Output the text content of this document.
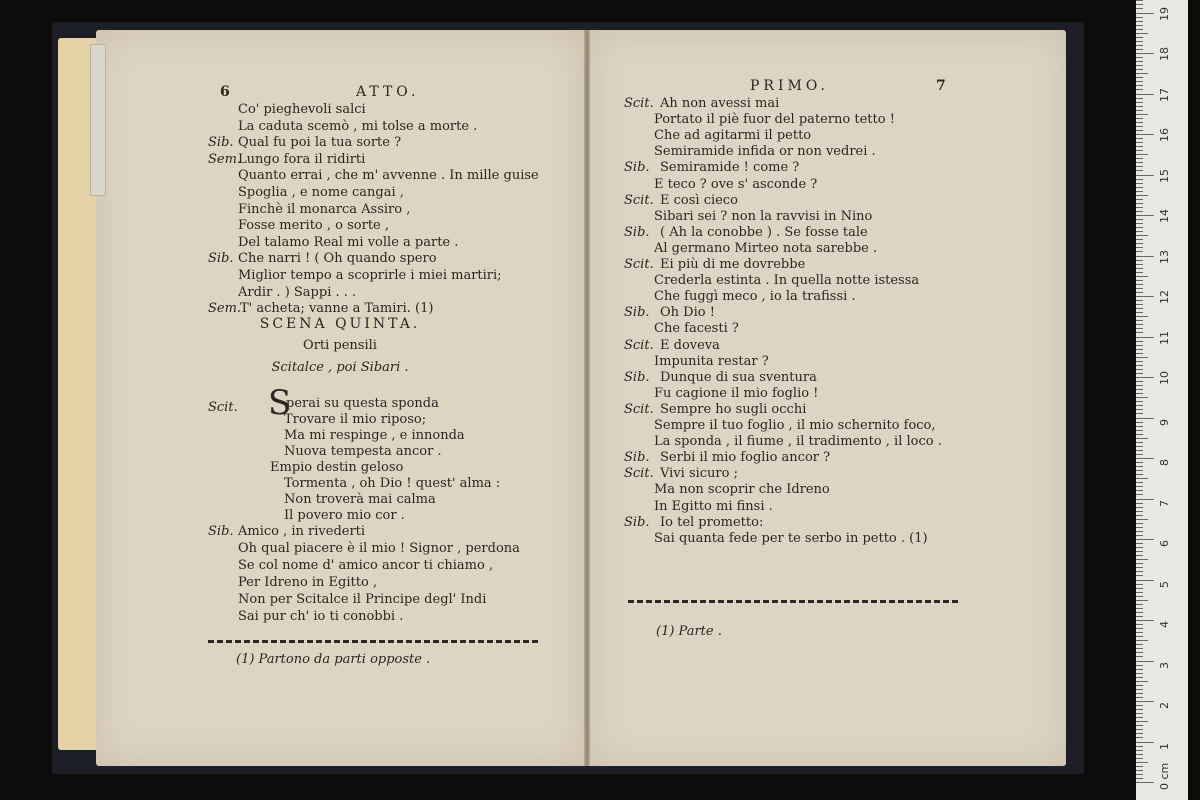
6	ATTO.
SCENA QUINTA.
Orti pensili
Scitalce , poi Sibari .
Scit. S
Sib.
(1) Partono da parti opposte .
Co' pieghevoli salci
La caduta scemò , mi tolse a morte .
Qual fu poi la tua sorte ?
Sib.
Lungo fora il ridirti
Sem.
Quanto errai , che m' avvenne . In mille guise
Spoglia , e nome cangai ,
Finchè il monarca Assiro ,
Fosse merito , o sorte ,
Del talamo Real mi volle a parte .
Che narri ! ( Oh quando spero
Sib.
Miglior tempo a scoprirle i miei martiri;
Ardir . ) Sappi . . .
T' acheta; vanne a Tamiri. (1)
Sem.
perai su questa sponda
Trovare il mio riposo;
Ma mi respinge , e innonda
Nuova tempesta ancor .
Empio destin geloso
Tormenta , oh Dio ! quest' alma :
Non troverà mai calma
Il povero mio cor .
Amico , in rivederti
Oh qual piacere è il mio ! Signor , perdona
Se col nome d' amico ancor ti chiamo ,
Per Idreno in Egitto ,
Non per Scitalce il Principe degl' Indi
Sai pur ch' io ti conobbi .
PRIMO.	7
(1) Parte .
Scit. Ah non avessi mai
Portato il piè fuor del paterno tetto !
Che ad agitarmi il petto
Semiramide infida or non vedrei .
Sib. Semiramide ! come ?
E teco ? ove s' asconde ?
Scit. E così cieco
Sibari sei ? non la ravvisi in Nino
Sib. ( Ah la conobbe ) . Se fosse tale
Al germano Mirteo nota sarebbe .
Scit. Ei più di me dovrebbe
Crederla estinta . In quella notte istessa
Che fuggì meco , io la trafissi .
Sib. Oh Dio !
Che facesti ?
Scit. E doveva
Impunita restar ?
Sib. Dunque di sua sventura
Fu cagione il mio foglio !
Scit. Sempre ho sugli occhi
Sempre il tuo foglio , il mio schernito foco,
La sponda , il fiume , il tradimento , il loco .
Sib. Serbi il mio foglio ancor ?
Scit. Vivi sicuro ;
Ma non scoprir che Idreno
In Egitto mi finsi .
Sib. Io tel prometto:
Sai quanta fede per te serbo in petto . (1)
0 cm
1
2
3
4
5
6
7
8
9
10
11
12
13
14
15
16
17
18
19
